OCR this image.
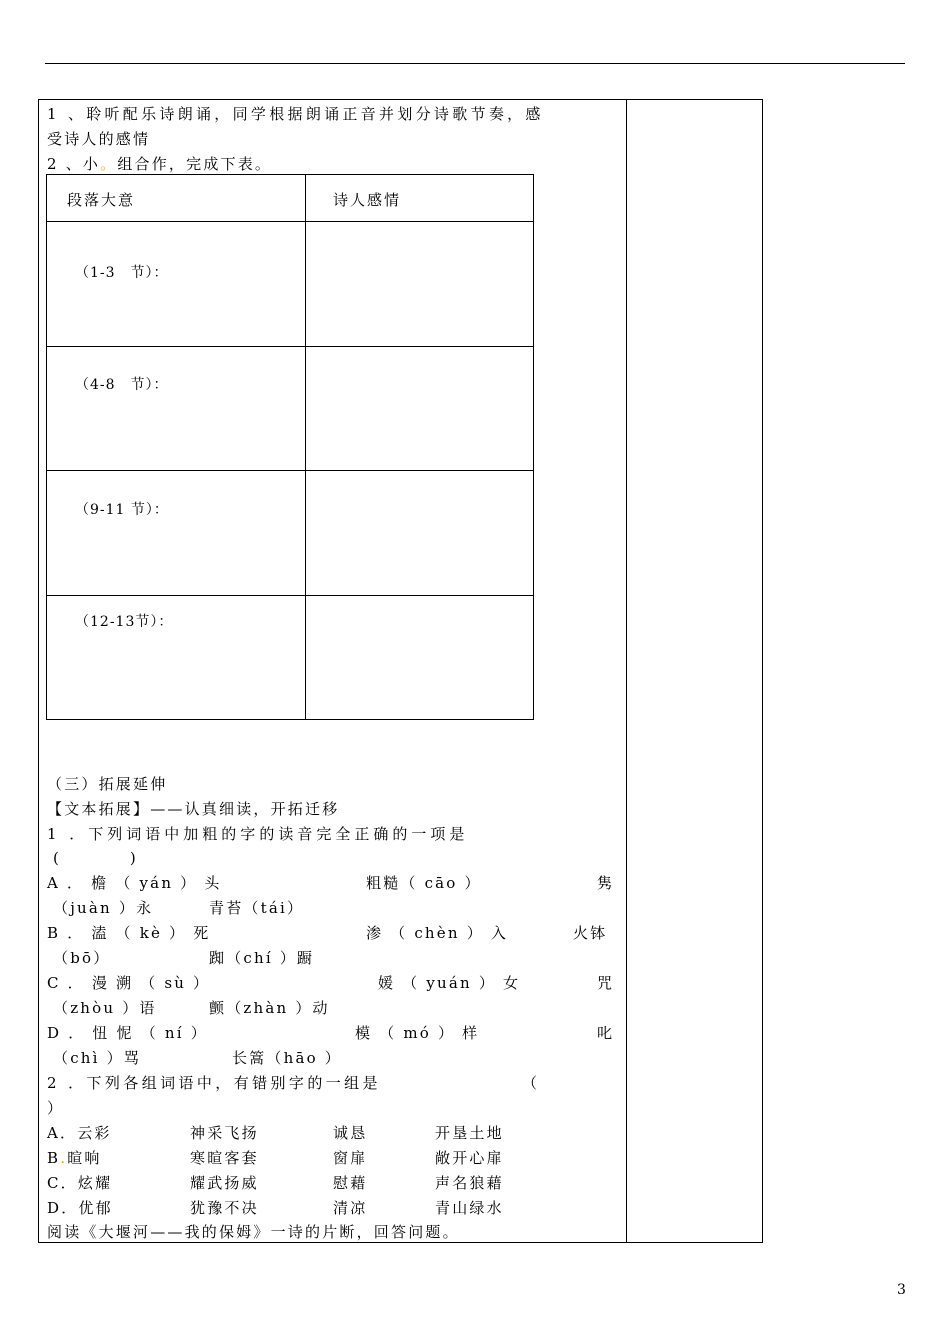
1 、聆听配乐诗朗诵，同学根据朗诵正音并划分诗歌节奏，感
受诗人的感情
2 、小。组合作，完成下表。
段落大意	诗人感情
（1-3　节）：
（4-8　节）：
（9-11 节）：
（12-13节）：
（三）拓展延伸
【文本拓展】——认真细读，开拓迁移
1 ．下列词语中加粗的字的读音完全正确的一项是
(　　　　)
A ． 檐 （ yán ） 头	粗糙（ cāo ）	隽
（juàn ）永	青苔（tái）
B ． 溘 （ kè ） 死	渗 （ chèn ） 入	火钵
（bō）	踟（chí ）蹰
C ． 漫 溯 （ sù ）	媛 （ yuán ） 女	咒
（zhòu ）语	颤（zhàn ）动
D ． 忸 怩 （ ní ）	模 （ mó ） 样	叱
（chì ）骂	长篙（hāo ）
2 ．下列各组词语中，有错别字的一组是	（
）
A．云彩	神采飞扬	诚恳	开垦土地
B.暄响	寒暄客套	窗扉	敞开心扉
C．炫耀	耀武扬威	慰藉	声名狼藉
D．优郁	犹豫不决	清凉	青山绿水
阅读《大堰河——我的保姆》一诗的片断，回答问题。
3
